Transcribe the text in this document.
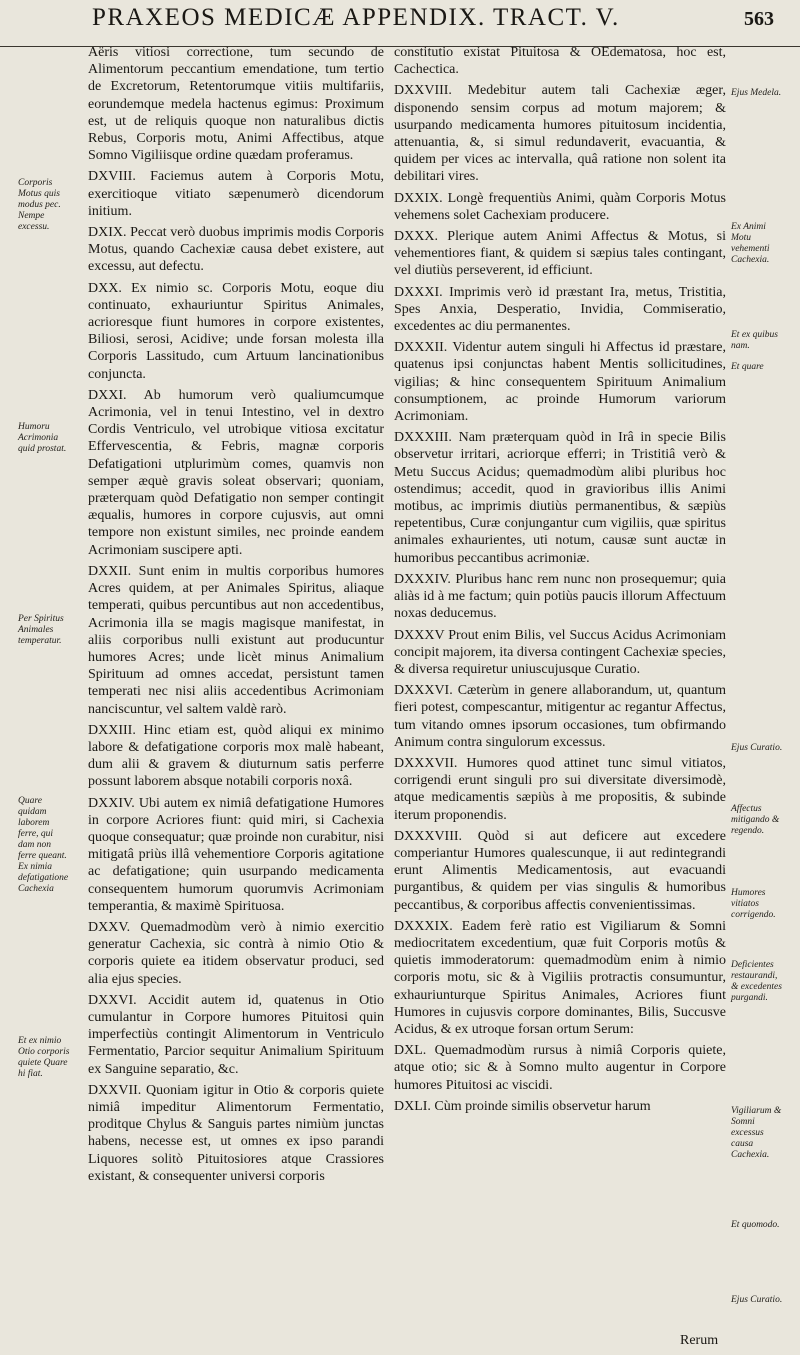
PRAXEOS MEDICÆ APPENDIX. TRACT. V.	563

Aëris vitiosi correctione, tum secundo de Alimentorum peccantium emendatione, tum tertio de Excretorum, Retentorumque vitiis multifariis, eorundemque medela hactenus egimus: Proximum est, ut de reliquis quoque non naturalibus dictis Rebus, Corporis motu, Animi Affectibus, atque Somno Vigiliisque ordine quædam proferamus.

DXVIII. Faciemus autem à Corporis Motu, exercitioque vitiato sæpenumerò dicendorum initium.

DXIX. Peccat verò duobus imprimis modis Corporis Motus, quando Cachexiæ causa debet existere, aut excessu, aut defectu.

DXX. Ex nimio sc. Corporis Motu, eoque diu continuato, exhauriuntur Spiritus Animales, acrioresque fiunt humores in corpore existentes, Biliosi, serosi, Acidive; unde forsan molesta illa Corporis Lassitudo, cum Artuum lancinationibus conjuncta.

DXXI. Ab humorum verò qualiumcumque Acrimonia, vel in tenui Intestino, vel in dextro Cordis Ventriculo, vel utrobique vitiosa excitatur Effervescentia, & Febris, magnæ corporis Defatigationi utplurimùm comes, quamvis non semper æquè gravis soleat observari; quoniam, præterquam quòd Defatigatio non semper contingit æqualis, humores in corpore cujusvis, aut omni tempore non existunt similes, nec proinde eandem Acrimoniam suscipere apti.

DXXII. Sunt enim in multis corporibus humores Acres quidem, at per Animales Spiritus, aliaque temperati, quibus percuntibus aut non accedentibus, Acrimonia illa se magis magisque manifestat, in aliis corporibus nulli existunt aut producuntur humores Acres; unde licèt minus Animalium Spirituum ad omnes accedat, persistunt tamen temperati nec nisi aliis accedentibus Acrimoniam nanciscuntur, vel saltem valdè rarò.

DXXIII. Hinc etiam est, quòd aliqui ex minimo labore & defatigatione corporis mox malè habeant, dum alii & gravem & diuturnum satis perferre possunt laborem absque notabili corporis noxâ.

DXXIV. Ubi autem ex nimiâ defatigatione Humores in corpore Acriores fiunt: quid miri, si Cachexia quoque consequatur; quæ proinde non curabitur, nisi mitigatâ priùs illâ vehementiore Corporis agitatione ac defatigatione; quin usurpando medicamenta consequentem humorum quorumvis Acrimoniam temperantia, & maximè Spirituosa.

DXXV. Quemadmodùm verò à nimio exercitio generatur Cachexia, sic contrà à nimio Otio & corporis quiete ea itidem observatur produci, sed alia ejus species.

DXXVI. Accidit autem id, quatenus in Otio cumulantur in Corpore humores Pituitosi quin imperfectiùs contingit Alimentorum in Ventriculo Fermentatio, Parcior sequitur Animalium Spirituum ex Sanguine separatio, &c.

DXXVII. Quoniam igitur in Otio & corporis quiete nimiâ impeditur Alimentorum Fermentatio, proditque Chylus & Sanguis partes nimiùm junctas habens, necesse est, ut omnes ex ipso parandi Liquores solitò Pituitosiores atque Crassiores existant, & consequenter universi corporis

constitutio existat Pituitosa & OEdematosa, hoc est, Cachectica.

DXXVIII. Medebitur autem tali Cachexiæ æger, disponendo sensim corpus ad motum majorem; & usurpando medicamenta humores pituitosum incidentia, attenuantia, &, si simul redundaverit, evacuantia, & quidem per vices ac intervalla, quâ ratione non solent ita debilitari vires.

DXXIX. Longè frequentiùs Animi, quàm Corporis Motus vehemens solet Cachexiam producere.

DXXX. Plerique autem Animi Affectus & Motus, si vehementiores fiant, & quidem si sæpius tales contingant, vel diutiùs perseverent, id efficiunt.

DXXXI. Imprimis verò id præstant Ira, metus, Tristitia, Spes Anxia, Desperatio, Invidia, Commiseratio, excedentes ac diu permanentes.

DXXXII. Videntur autem singuli hi Affectus id præstare, quatenus ipsi conjunctas habent Mentis sollicitudines, vigilias; & hinc consequentem Spirituum Animalium consumptionem, ac proinde Humorum variorum Acrimoniam.

DXXXIII. Nam præterquam quòd in Irâ in specie Bilis observetur irritari, acriorque efferri; in Tristitiâ verò & Metu Succus Acidus; quemadmodùm alibi pluribus hoc ostendimus; accedit, quod in gravioribus illis Animi motibus, ac imprimis diutiùs permanentibus, & sæpiùs repetentibus, Curæ conjungantur cum vigiliis, quæ spiritus animales exhaurientes, uti notum, causæ sunt auctæ in humoribus peccantibus acrimoniæ.

DXXXIV. Pluribus hanc rem nunc non prosequemur; quia aliàs id à me factum; quin potiùs paucis illorum Affectuum noxas deducemus.

DXXXV Prout enim Bilis, vel Succus Acidus Acrimoniam concipit majorem, ita diversa contingent Cachexiæ species, & diversa requiretur uniuscujusque Curatio.

DXXXVI. Cæterùm in genere allaborandum, ut, quantum fieri potest, compescantur, mitigentur ac regantur Affectus, tum vitando omnes ipsorum occasiones, tum obfirmando Animum contra singulorum excessus.

DXXXVII. Humores quod attinet tunc simul vitiatos, corrigendi erunt singuli pro sui diversitate diversimodè, atque medicamentis sæpiùs à me propositis, & subinde iterum proponendis.

DXXXVIII. Quòd si aut deficere aut excedere comperiantur Humores qualescunque, ii aut redintegrandi erunt Alimentis Medicamentosis, aut evacuandi purgantibus, & quidem per vias singulis & humoribus peccantibus, & corporibus affectis convenientissimas.

DXXXIX. Eadem ferè ratio est Vigiliarum & Somni mediocritatem excedentium, quæ fuit Corporis motûs & quietis immoderatorum: quemadmodùm enim à nimio corporis motu, sic & à Vigiliis protractis consumuntur, exhauriunturque Spiritus Animales, Acriores fiunt Humores in cujusvis corpore dominantes, Bilis, Succusve Acidus, & ex utroque forsan ortum Serum:

DXL. Quemadmodùm rursus à nimiâ Corporis quiete, atque otio; sic & à Somno multo augentur in Corpore humores Pituitosi ac viscidi.

DXLI. Cùm proinde similis observetur harum

Corporis Motus quis modus pec. Nempe excessu.
Humoru Acrimonia quid prostat.
Per Spiritus Animales temperatur.
Quare quidam laborem ferre, qui dam non ferre queant. Ex nimia defatigatione Cachexia
Et ex nimio Otio corporis quiete Quare hi fiat.
Ejus Medela.
Ex Animi Motu vehementi Cachexia.
Et ex quibus nam.
Et quare
Ejus Curatio.
Affectus mitigando & regendo.
Humores vitiatos corrigendo.
Deficientes restaurandi, & excedentes purgandi.
Vigiliarum & Somni excessus causa Cachexia.
Et quomodo.
Ejus Curatio.
Rerum
